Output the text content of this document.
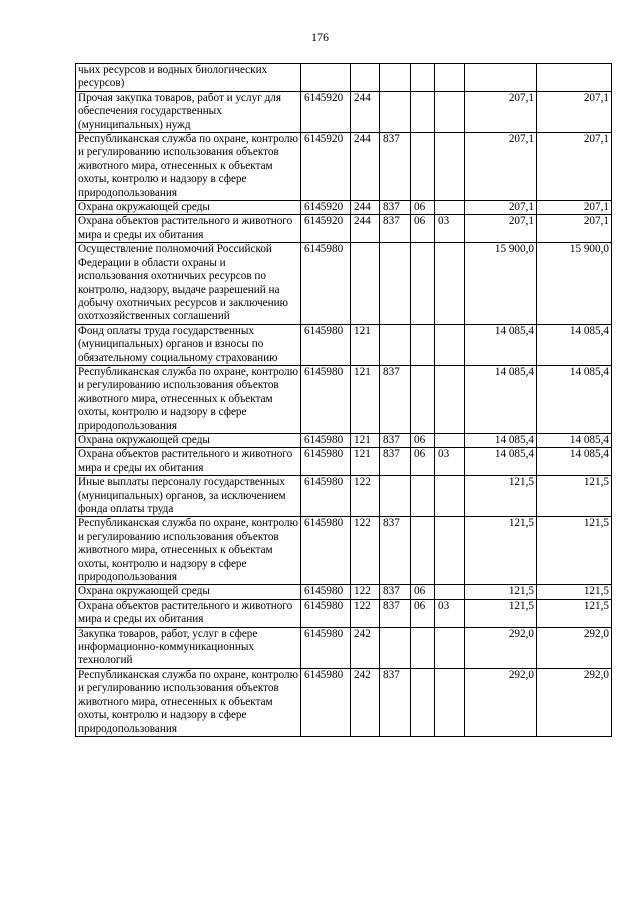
176
чьих ресурсов и водных биологических ресурсов)							
Прочая закупка товаров, работ и услуг для обеспечения государственных (муниципальных) нужд	6145920	244				207,1	207,1
Республиканская служба по охране, контролю и регулированию использования объектов животного мира, отнесенных к объектам охоты, контролю и надзору в сфере природопользования	6145920	244	837			207,1	207,1
Охрана окружающей среды	6145920	244	837	06		207,1	207,1
Охрана объектов растительного и животного мира и среды их обитания	6145920	244	837	06	03	207,1	207,1
Осуществление полномочий Российской Федерации в области охраны и использования охотничьих ресурсов по контролю, надзору, выдаче разрешений на добычу охотничьих ресурсов и заключению охотхозяйственных соглашений	6145980					15 900,0	15 900,0
Фонд оплаты труда государственных (муниципальных) органов и взносы по обязательному социальному страхованию	6145980	121				14 085,4	14 085,4
Республиканская служба по охране, контролю и регулированию использования объектов животного мира, отнесенных к объектам охоты, контролю и надзору в сфере природопользования	6145980	121	837			14 085,4	14 085,4
Охрана окружающей среды	6145980	121	837	06		14 085,4	14 085,4
Охрана объектов растительного и животного мира и среды их обитания	6145980	121	837	06	03	14 085,4	14 085,4
Иные выплаты персоналу государственных (муниципальных) органов, за исключением фонда оплаты труда	6145980	122				121,5	121,5
Республиканская служба по охране, контролю и регулированию использования объектов животного мира, отнесенных к объектам охоты, контролю и надзору в сфере природопользования	6145980	122	837			121,5	121,5
Охрана окружающей среды	6145980	122	837	06		121,5	121,5
Охрана объектов растительного и животного мира и среды их обитания	6145980	122	837	06	03	121,5	121,5
Закупка товаров, работ, услуг в сфере информационно-коммуникационных технологий	6145980	242				292,0	292,0
Республиканская служба по охране, контролю и регулированию использования объектов животного мира, отнесенных к объектам охоты, контролю и надзору в сфере природопользования	6145980	242	837			292,0	292,0
